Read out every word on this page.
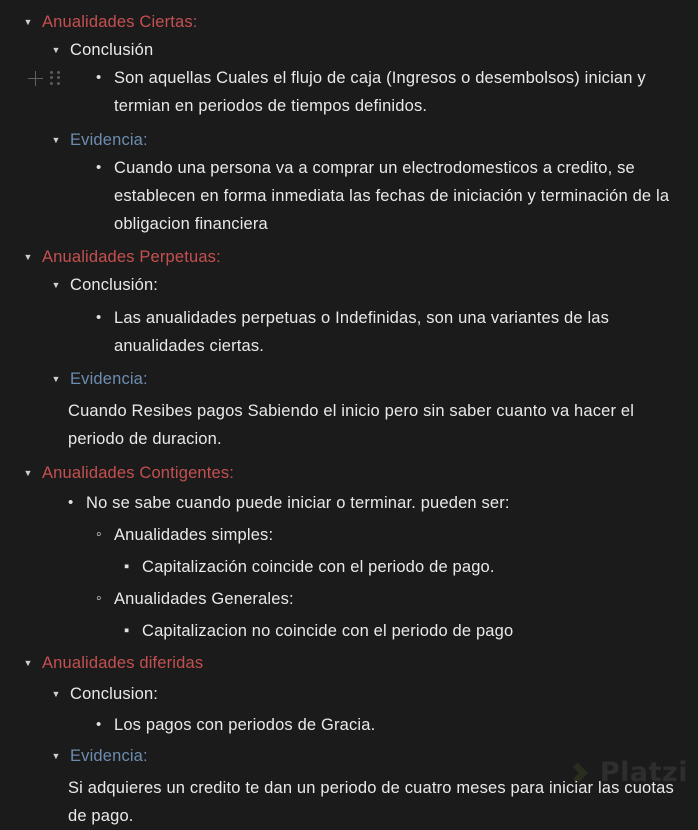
▼ Anualidades Ciertas:
▼ Conclusión
•
Son aquellas Cuales el flujo de caja (Ingresos o desembolsos) inician y termian en periodos de tiempos definidos.
▼ Evidencia:
•
Cuando una persona va a comprar un electrodomesticos a credito, se establecen en forma inmediata las fechas de iniciación y terminación de la obligacion financiera
▼ Anualidades Perpetuas:
▼ Conclusión:
•
Las anualidades perpetuas o Indefinidas, son una variantes de las anualidades ciertas.
▼ Evidencia:
Cuando Resibes pagos Sabiendo el inicio pero sin saber cuanto va hacer el periodo de duracion.
▼ Anualidades Contigentes:
•
No se sabe cuando puede iniciar o terminar. pueden ser:
◦
Anualidades simples:
▪
Capitalización coincide con el periodo de pago.
◦
Anualidades Generales:
▪
Capitalizacion no coincide con el periodo de pago
▼ Anualidades diferidas
▼ Conclusion:
•
Los pagos con periodos de Gracia.
▼ Evidencia:
Si adquieres un credito te dan un periodo de cuatro meses para iniciar las cuotas de pago.
Platzi
